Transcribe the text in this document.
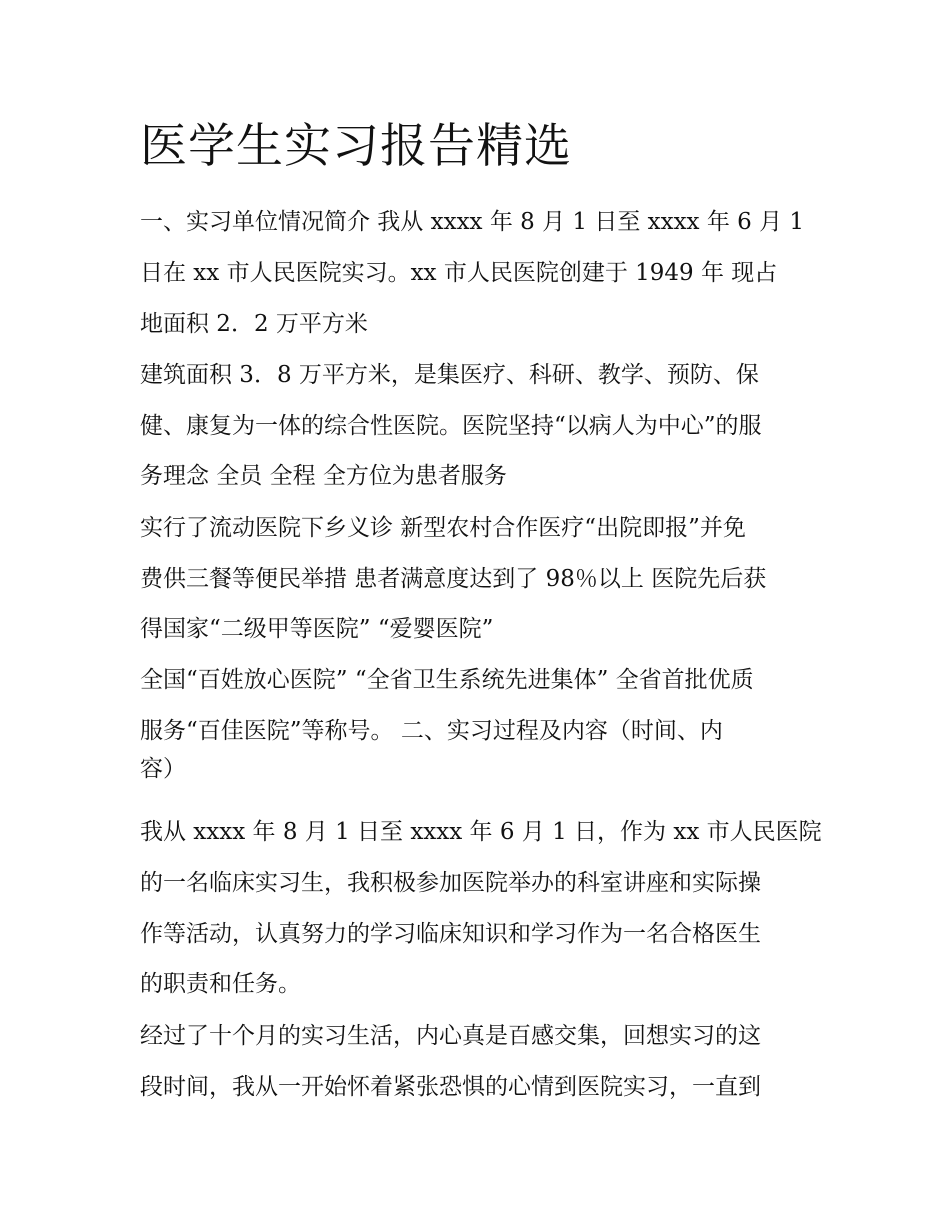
医学生实习报告精选

一、实习单位情况简介 我从 xxxx 年 8 月 1 日至 xxxx 年 6 月 1

日在 xx 市人民医院实习。xx 市人民医院创建于 1949 年 现占

地面积 2．2 万平方米

建筑面积 3．8 万平方米，是集医疗、科研、教学、预防、保

健、康复为一体的综合性医院。医院坚持“以病人为中心”的服

务理念 全员 全程 全方位为患者服务

实行了流动医院下乡义诊 新型农村合作医疗“出院即报”并免

费供三餐等便民举措 患者满意度达到了 98％以上 医院先后获

得国家“二级甲等医院” “爱婴医院”

全国“百姓放心医院” “全省卫生系统先进集体” 全省首批优质

服务“百佳医院”等称号。 二、实习过程及内容（时间、内

容）

我从 xxxx 年 8 月 1 日至 xxxx 年 6 月 1 日，作为 xx 市人民医院

的一名临床实习生，我积极参加医院举办的科室讲座和实际操

作等活动，认真努力的学习临床知识和学习作为一名合格医生

的职责和任务。

经过了十个月的实习生活，内心真是百感交集，回想实习的这

段时间，我从一开始怀着紧张恐惧的心情到医院实习，一直到
